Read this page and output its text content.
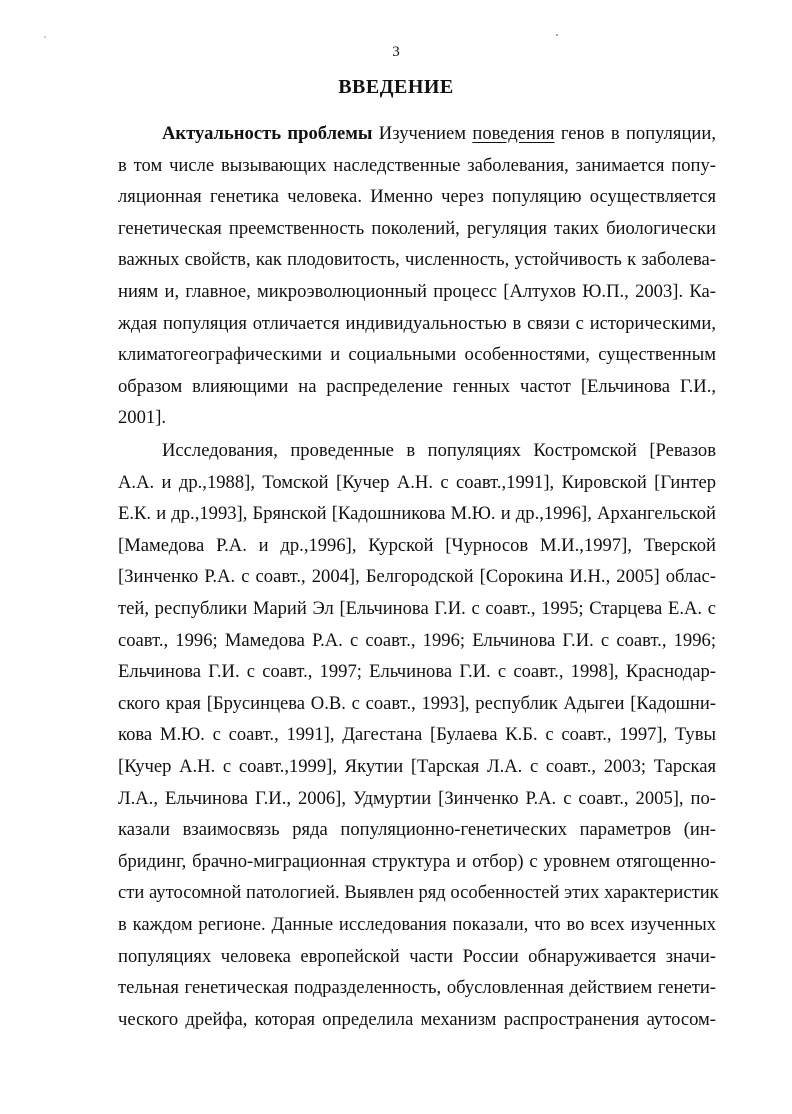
3
ВВЕДЕНИЕ
Актуальность проблемы Изучением поведения генов в популяции,
в том числе вызывающих наследственные заболевания, занимается попу-
ляционная генетика человека. Именно через популяцию осуществляется
генетическая преемственность поколений, регуляция таких биологически
важных свойств, как плодовитость, численность, устойчивость к заболева-
ниям и, главное, микроэволюционный процесс [Алтухов Ю.П., 2003]. Ка-
ждая популяция отличается индивидуальностью в связи с историческими,
климатогеографическими и социальными особенностями, существенным
образом влияющими на распределение генных частот [Ельчинова Г.И.,
2001].
Исследования, проведенные в популяциях Костромской [Ревазов
А.А. и др.,1988], Томской [Кучер А.Н. с соавт.,1991], Кировской [Гинтер
Е.К. и др.,1993], Брянской [Кадошникова М.Ю. и др.,1996], Архангельской
[Мамедова Р.А. и др.,1996], Курской [Чурносов М.И.,1997], Тверской
[Зинченко Р.А. с соавт., 2004], Белгородской [Сорокина И.Н., 2005] облас-
тей, республики Марий Эл [Ельчинова Г.И. с соавт., 1995; Старцева Е.А. с
соавт., 1996; Мамедова Р.А. с соавт., 1996; Ельчинова Г.И. с соавт., 1996;
Ельчинова Г.И. с соавт., 1997; Ельчинова Г.И. с соавт., 1998], Краснодар-
ского края [Брусинцева О.В. с соавт., 1993], республик Адыгеи [Кадошни-
кова М.Ю. с соавт., 1991], Дагестана [Булаева К.Б. с соавт., 1997], Тувы
[Кучер А.Н. с соавт.,1999], Якутии [Тарская Л.А. с соавт., 2003; Тарская
Л.А., Ельчинова Г.И., 2006], Удмуртии [Зинченко Р.А. с соавт., 2005], по-
казали взаимосвязь ряда популяционно-генетических параметров (ин-
бридинг, брачно-миграционная структура и отбор) с уровнем отягощенно-
сти аутосомной патологией. Выявлен ряд особенностей этих характеристик
в каждом регионе. Данные исследования показали, что во всех изученных
популяциях человека европейской части России обнаруживается значи-
тельная генетическая подразделенность, обусловленная действием генети-
ческого дрейфа, которая определила механизм распространения аутосом-
